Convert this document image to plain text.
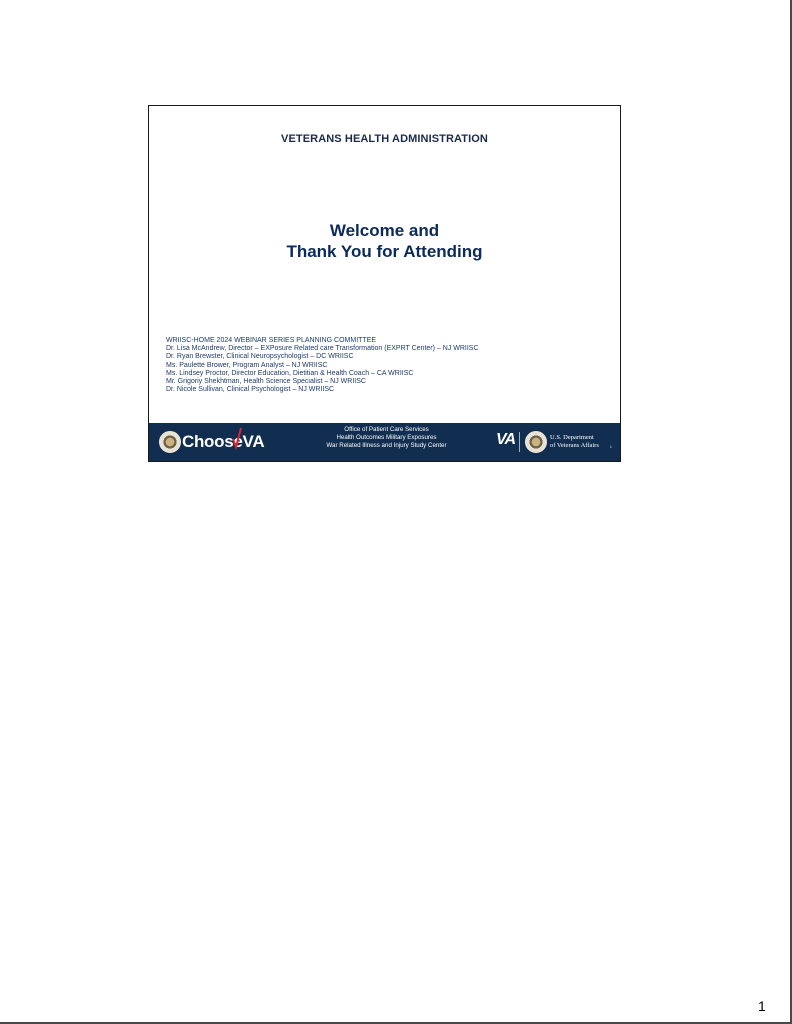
VETERANS HEALTH ADMINISTRATION
Welcome and
Thank You for Attending
WRIISC-HOME 2024 WEBINAR SERIES PLANNING COMMITTEE
Dr. Lisa McAndrew, Director – EXPosure Related care Transformation (EXPRT Center) – NJ WRIISC
Dr. Ryan Brewster, Clinical Neuropsychologist – DC WRIISC
Ms. Paulette Brower, Program Analyst – NJ WRIISC
Ms. Lindsey Proctor, Director Education, Dietitian & Health Coach – CA WRIISC
Mr. Grigoriy Shekhtman, Health Science Specialist – NJ WRIISC
Dr. Nicole Sullivan, Clinical Psychologist – NJ WRIISC
ChooseVA
Office of Patient Care Services
Health Outcomes Military Exposures
War Related Illness and Injury Study Center	VA	U.S. Department
of Veterans Affairs	1
1
